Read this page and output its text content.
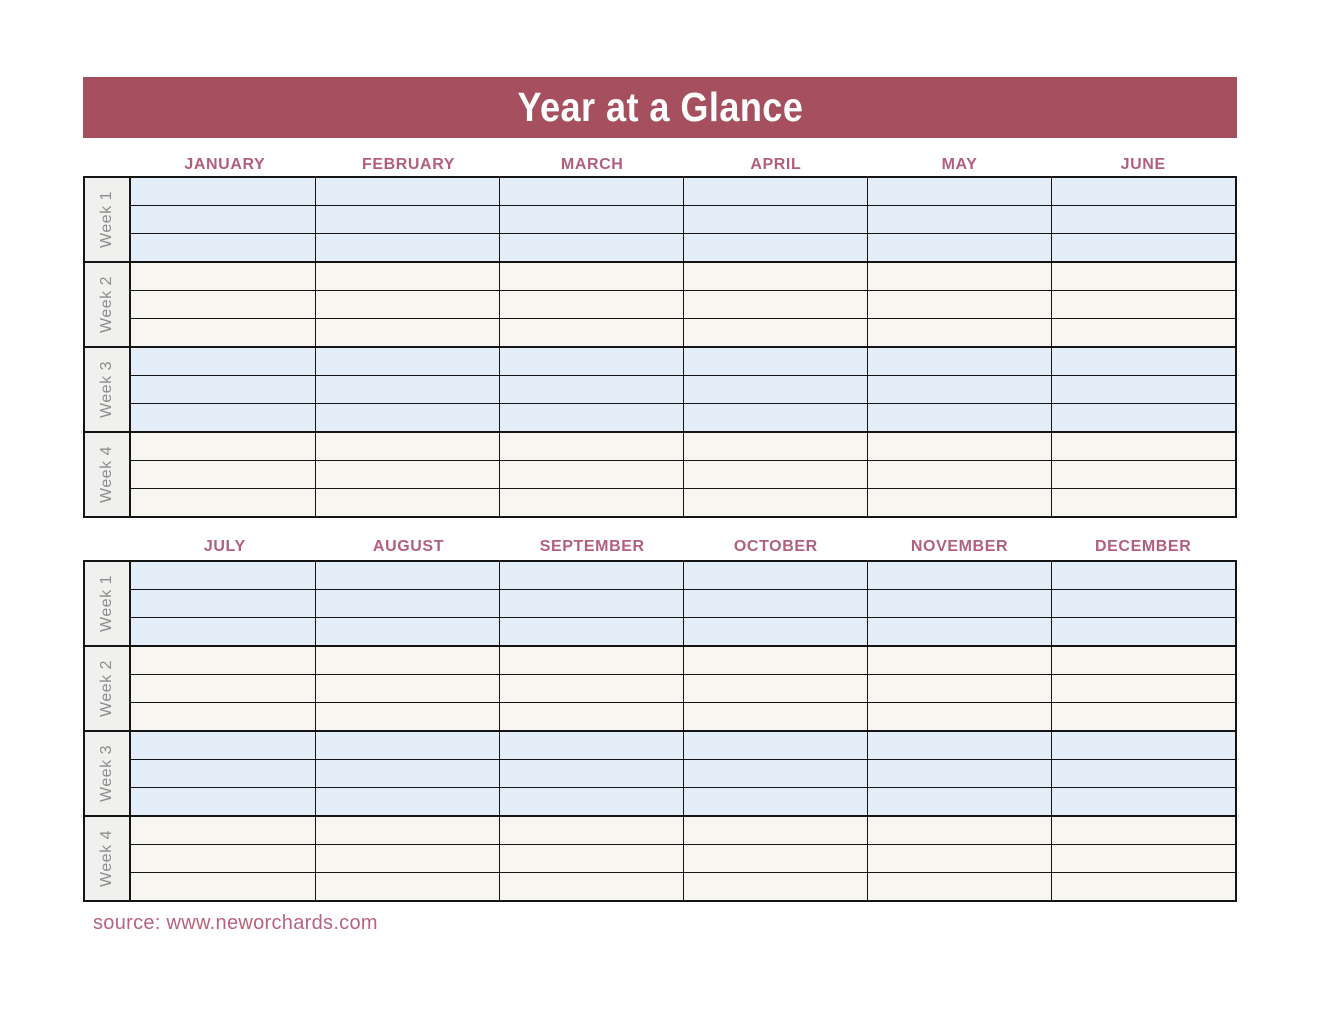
Year at a Glance
JANUARY	FEBRUARY	MARCH	APRIL	MAY	JUNE
Week 1
Week 2
Week 3
Week 4
JULY	AUGUST	SEPTEMBER	OCTOBER	NOVEMBER	DECEMBER
Week 1
Week 2
Week 3
Week 4
source: www.neworchards.com
